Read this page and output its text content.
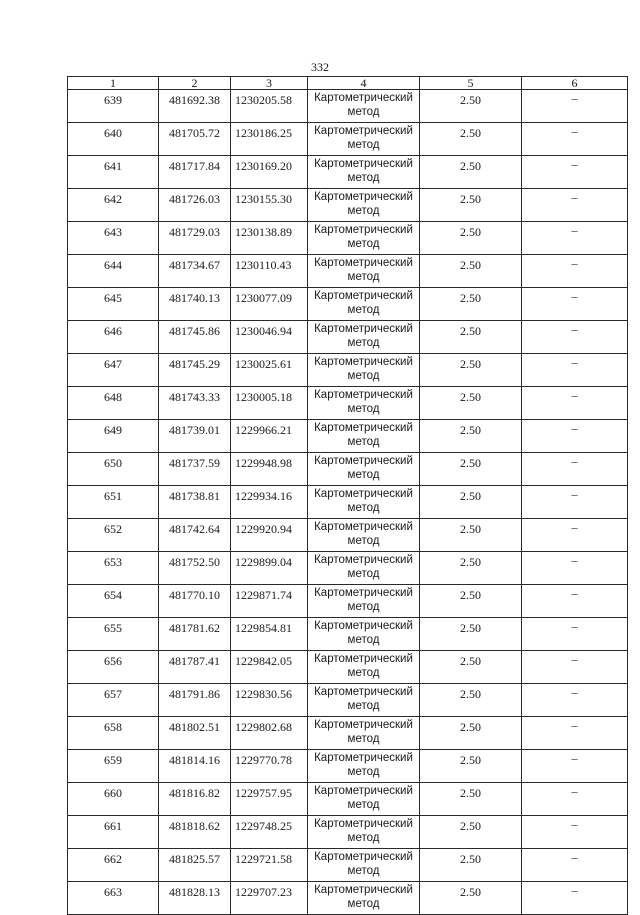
332
1	2	3	4	5	6
639	481692.38	1230205.58	Картометрический метод	2.50	–
640	481705.72	1230186.25	Картометрический метод	2.50	–
641	481717.84	1230169.20	Картометрический метод	2.50	–
642	481726.03	1230155.30	Картометрический метод	2.50	–
643	481729.03	1230138.89	Картометрический метод	2.50	–
644	481734.67	1230110.43	Картометрический метод	2.50	–
645	481740.13	1230077.09	Картометрический метод	2.50	–
646	481745.86	1230046.94	Картометрический метод	2.50	–
647	481745.29	1230025.61	Картометрический метод	2.50	–
648	481743.33	1230005.18	Картометрический метод	2.50	–
649	481739.01	1229966.21	Картометрический метод	2.50	–
650	481737.59	1229948.98	Картометрический метод	2.50	–
651	481738.81	1229934.16	Картометрический метод	2.50	–
652	481742.64	1229920.94	Картометрический метод	2.50	–
653	481752.50	1229899.04	Картометрический метод	2.50	–
654	481770.10	1229871.74	Картометрический метод	2.50	–
655	481781.62	1229854.81	Картометрический метод	2.50	–
656	481787.41	1229842.05	Картометрический метод	2.50	–
657	481791.86	1229830.56	Картометрический метод	2.50	–
658	481802.51	1229802.68	Картометрический метод	2.50	–
659	481814.16	1229770.78	Картометрический метод	2.50	–
660	481816.82	1229757.95	Картометрический метод	2.50	–
661	481818.62	1229748.25	Картометрический метод	2.50	–
662	481825.57	1229721.58	Картометрический метод	2.50	–
663	481828.13	1229707.23	Картометрический метод	2.50	–
